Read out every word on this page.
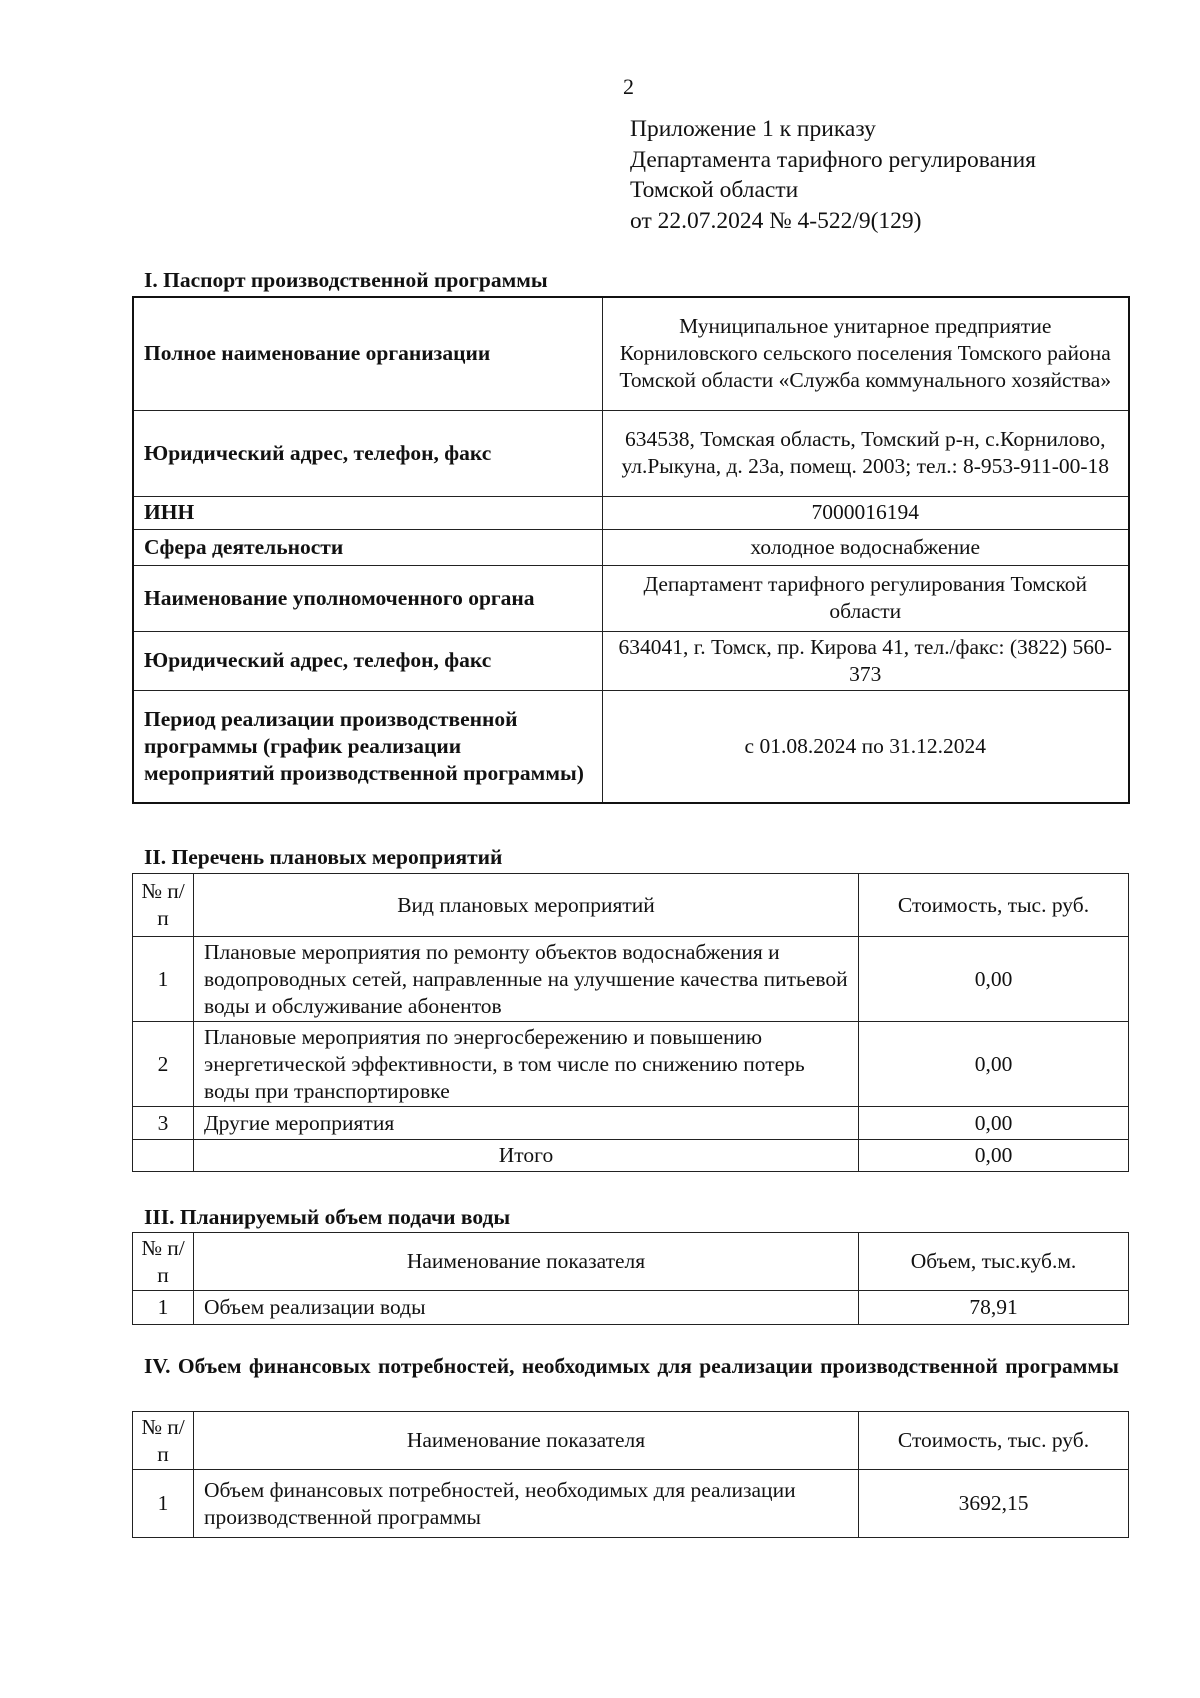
2
Приложение 1 к приказу
Департамента тарифного регулирования
Томской области
от 22.07.2024 № 4-522/9(129)
I. Паспорт производственной программы
Полное наименование организации	Муниципальное унитарное предприятие Корниловского сельского поселения Томского района Томской области «Служба коммунального хозяйства»
Юридический адрес, телефон, факс	634538, Томская область, Томский р-н, с.Корнилово, ул.Рыкуна, д. 23а, помещ. 2003; тел.: 8-953-911-00-18
ИНН	7000016194
Сфера деятельности	холодное водоснабжение
Наименование уполномоченного органа	Департамент тарифного регулирования Томской области
Юридический адрес, телефон, факс	634041, г. Томск, пр. Кирова 41, тел./факс: (3822) 560-373
Период реализации производственной программы (график реализации мероприятий производственной программы)	с 01.08.2024 по 31.12.2024
II. Перечень плановых мероприятий
№ п/п	Вид плановых мероприятий	Стоимость, тыс. руб.
1	Плановые мероприятия по ремонту объектов водоснабжения и водопроводных сетей, направленные на улучшение качества питьевой воды и обслуживание абонентов	0,00
2	Плановые мероприятия по энергосбережению и повышению энергетической эффективности, в том числе по снижению потерь воды при транспортировке	0,00
3	Другие мероприятия	0,00
	Итого	0,00
III. Планируемый объем подачи воды
№ п/п	Наименование показателя	Объем, тыс.куб.м.
1	Объем реализации воды	78,91
IV. Объем финансовых потребностей, необходимых для реализации производственной программы
№ п/п	Наименование показателя	Стоимость, тыс. руб.
1	Объем финансовых потребностей, необходимых для реализации производственной программы	3692,15
